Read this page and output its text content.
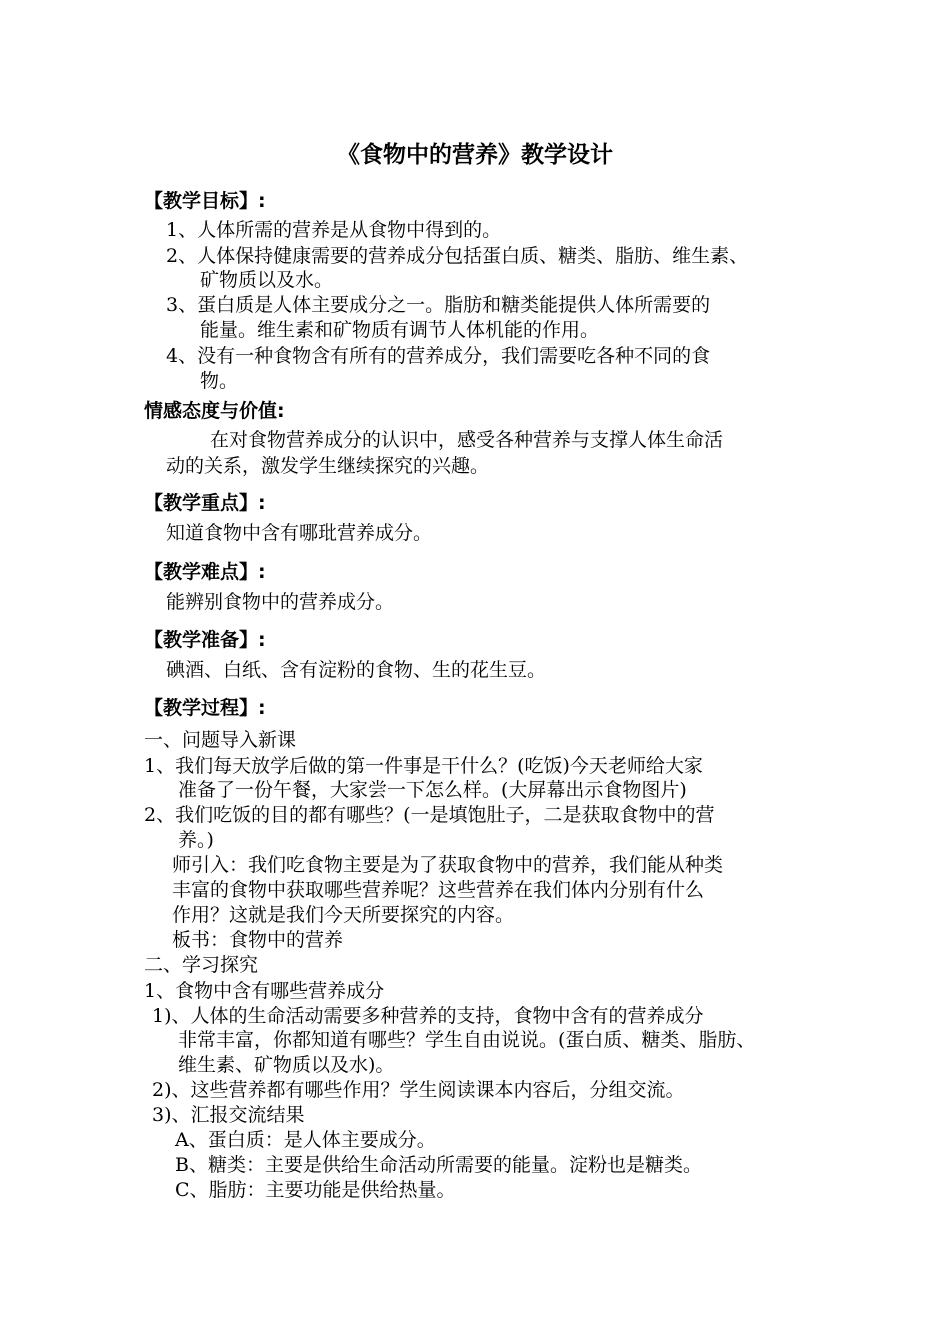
《食物中的营养》教学设计
【教学目标】:
1、人体所需的营养是从食物中得到的。
2、人体保持健康需要的营养成分包括蛋白质、糖类、脂肪、维生素、
矿物质以及水。
3、蛋白质是人体主要成分之一。脂肪和糖类能提供人体所需要的
能量。维生素和矿物质有调节人体机能的作用。
4、没有一种食物含有所有的营养成分，我们需要吃各种不同的食
物。
情感态度与价值:
在对食物营养成分的认识中，感受各种营养与支撑人体生命活
动的关系，激发学生继续探究的兴趣。
【教学重点】:
知道食物中含有哪玭营养成分。
【教学难点】:
能辨别食物中的营养成分。
【教学准备】:
碘酒、白纸、含有淀粉的食物、生的花生豆。
【教学过程】:
一、问题导入新课
1、我们每天放学后做的第一件事是干什么？(吃饭)今天老师给大家
准备了一份午餐，大家尝一下怎么样。(大屏幕出示食物图片)
2、我们吃饭的目的都有哪些？(一是填饱肚子，二是获取食物中的营
养。)
师引入：我们吃食物主要是为了获取食物中的营养，我们能从种类
丰富的食物中获取哪些营养呢？这些营养在我们体内分别有什么
作用？这就是我们今天所要探究的内容。
板书：食物中的营养
二、学习探究
1、食物中含有哪些营养成分
1)、人体的生命活动需要多种营养的支持，食物中含有的营养成分
非常丰富，你都知道有哪些？学生自由说说。(蛋白质、糖类、脂肪、
维生素、矿物质以及水)。
2)、这些营养都有哪些作用？学生阅读课本内容后，分组交流。
3)、汇报交流结果
A、蛋白质：是人体主要成分。
B、糖类：主要是供给生命活动所需要的能量。淀粉也是糖类。
C、脂肪：主要功能是供给热量。
